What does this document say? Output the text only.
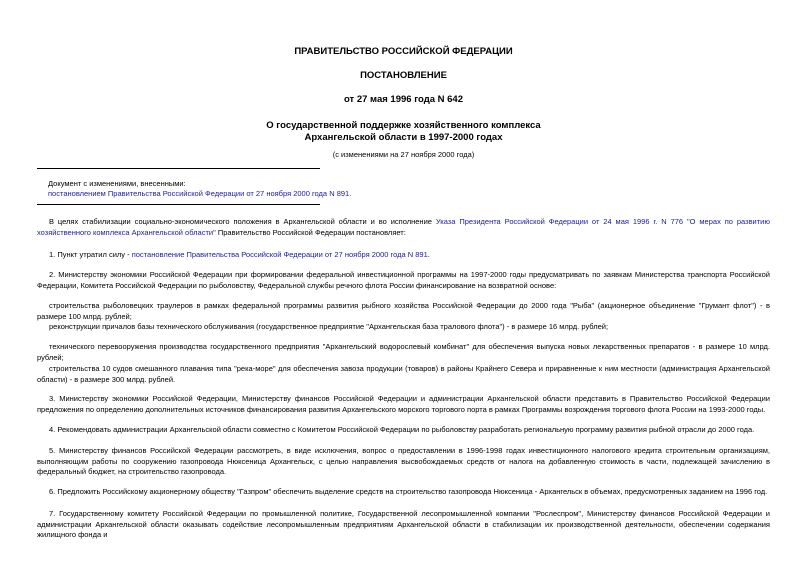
ПРАВИТЕЛЬСТВО РОССИЙСКОЙ ФЕДЕРАЦИИ
ПОСТАНОВЛЕНИЕ
от 27 мая 1996 года N 642
О государственной поддержке хозяйственного комплекса
Архангельской области в 1997-2000 годах
(с изменениями на 27 ноября 2000 года)
Документ с изменениями, внесенными:
постановлением Правительства Российской Федерации от 27 ноября 2000 года N 891.
В целях стабилизации социально-экономического положения в Архангельской области и во исполнение Указа Президента Российской Федерации от 24 мая 1996 г. N 776 "О мерах по развитию хозяйственного комплекса Архангельской области" Правительство Российской Федерации постановляет:
1. Пункт утратил силу - постановление Правительства Российской Федерации от 27 ноября 2000 года N 891.
2. Министерству экономики Российской Федерации при формировании федеральной инвестиционной программы на 1997-2000 годы предусматривать по заявкам Министерства транспорта Российской Федерации, Комитета Российской Федерации по рыболовству, Федеральной службы речного флота России финансирование на возвратной основе:
строительства рыболовецких траулеров в рамках федеральной программы развития рыбного хозяйства Российской Федерации до 2000 года "Рыба" (акционерное объединение "Грумант флот") - в размере 100 млрд. рублей;
реконструкции причалов базы технического обслуживания (государственное предприятие "Архангельская база тралового флота") - в размере 16 млрд. рублей;
технического перевооружения производства государственного предприятия "Архангельский водорослевый комбинат" для обеспечения выпуска новых лекарственных препаратов - в размере 10 млрд. рублей;
строительства 10 судов смешанного плавания типа "река-море" для обеспечения завоза продукции (товаров) в районы Крайнего Севера и приравненные к ним местности (администрация Архангельской области) - в размере 300 млрд. рублей.
3. Министерству экономики Российской Федерации, Министерству финансов Российской Федерации и администрации Архангельской области представить в Правительство Российской Федерации предложения по определению дополнительных источников финансирования развития Архангельского морского торгового порта в рамках Программы возрождения торгового флота России на 1993-2000 годы.
4. Рекомендовать администрации Архангельской области совместно с Комитетом Российской Федерации по рыболовству разработать региональную программу развития рыбной отрасли до 2000 года.
5. Министерству финансов Российской Федерации рассмотреть, в виде исключения, вопрос о предоставлении в 1996-1998 годах инвестиционного налогового кредита строительным организациям, выполняющим работы по сооружению газопровода Нюксеница Архангельск, с целью направления высвобождаемых средств от налога на добавленную стоимость в части, подлежащей зачислению в федеральный бюджет, на строительство газопровода.
6. Предложить Российскому акционерному обществу "Газпром" обеспечить выделение средств на строительство газопровода Нюксеница - Архангельск в объемах, предусмотренных заданием на 1996 год.
7. Государственному комитету Российской Федерации по промышленной политике, Государственной лесопромышленной компании "Рослеспром", Министерству финансов Российской Федерации и администрации Архангельской области оказывать содействие лесопромышленным предприятиям Архангельской области в стабилизации их производственной деятельности, обеспечении содержания жилищного фонда и
